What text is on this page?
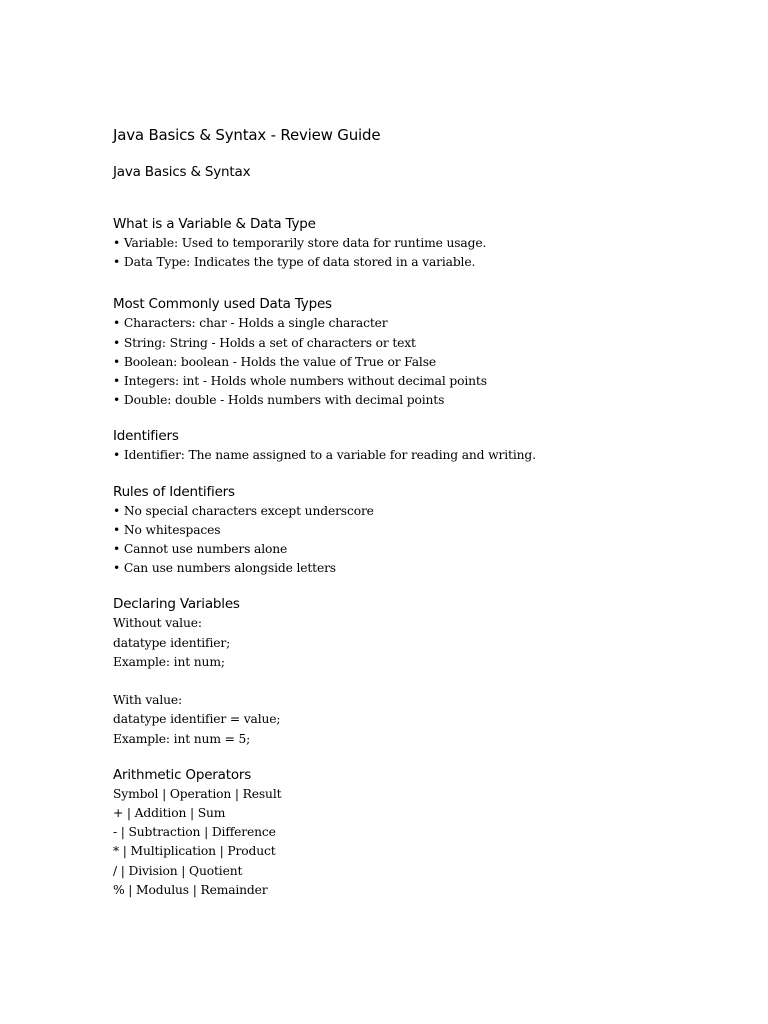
Java Basics & Syntax - Review Guide
Java Basics & Syntax
What is a Variable & Data Type

• Variable: Used to temporarily store data for runtime usage.

• Data Type: Indicates the type of data stored in a variable.

Most Commonly used Data Types

• Characters: char - Holds a single character

• String: String - Holds a set of characters or text

• Boolean: boolean - Holds the value of True or False

• Integers: int - Holds whole numbers without decimal points

• Double: double - Holds numbers with decimal points

Identifiers

• Identifier: The name assigned to a variable for reading and writing.

Rules of Identifiers

• No special characters except underscore

• No whitespaces

• Cannot use numbers alone

• Can use numbers alongside letters

Declaring Variables

Without value:

datatype identifier;

Example: int num;

With value:

datatype identifier = value;

Example: int num = 5;

Arithmetic Operators

Symbol | Operation | Result

+ | Addition | Sum

- | Subtraction | Difference

* | Multiplication | Product

/ | Division | Quotient

% | Modulus | Remainder
